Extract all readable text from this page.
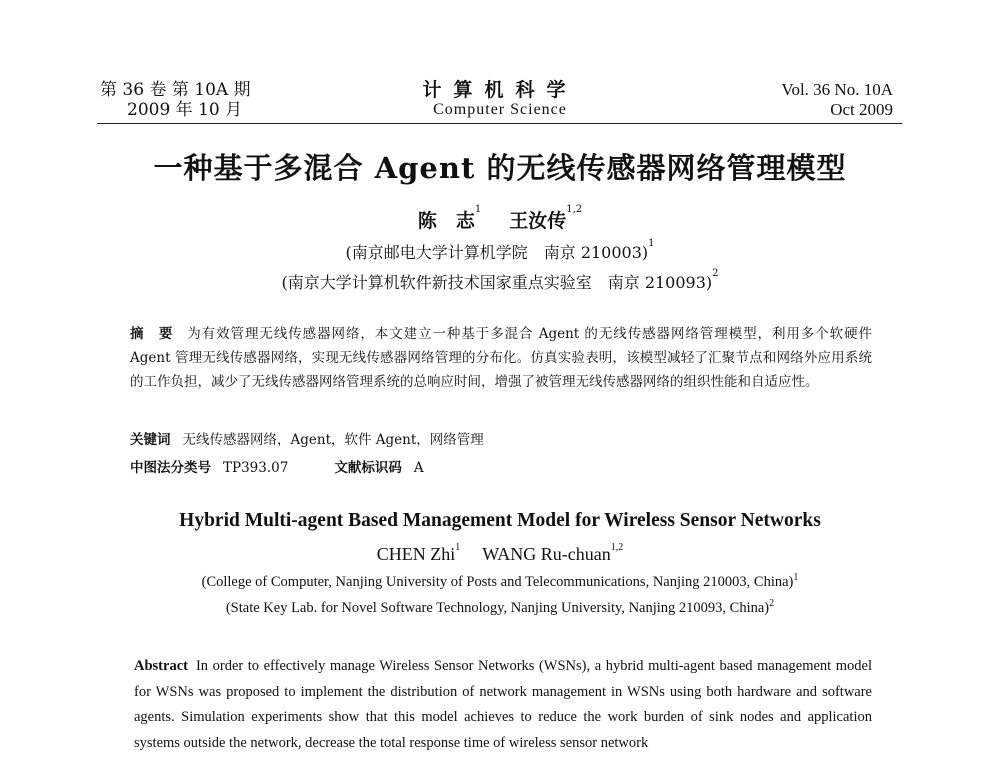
第 36 卷 第 10A 期
2009 年 10 月
计算机科学
Computer Science
Vol. 36 No. 10A
Oct 2009
一种基于多混合 Agent 的无线传感器网络管理模型
陈　志$^1$王汝传$^{1,2}$
(南京邮电大学计算机学院　南京 210003)$^1$
(南京大学计算机软件新技术国家重点实验室　南京 210093)$^2$
摘　要 为有效管理无线传感器网络，本文建立一种基于多混合 Agent 的无线传感器网络管理模型，利用多个软硬件 Agent 管理无线传感器网络，实现无线传感器网络管理的分布化。仿真实验表明，该模型减轻了汇聚节点和网络外应用系统的工作负担，减少了无线传感器网络管理系统的总响应时间，增强了被管理无线传感器网络的组织性能和自适应性。
关键词 无线传感器网络，Agent，软件 Agent，网络管理
中图法分类号 TP393.07	文献标识码 A
Hybrid Multi-agent Based Management Model for Wireless Sensor Networks
CHEN Zhi$^1$ WANG Ru-chuan$^{1,2}$
(College of Computer, Nanjing University of Posts and Telecommunications, Nanjing 210003, China)$^1$
(State Key Lab. for Novel Software Technology, Nanjing University, Nanjing 210093, China)$^2$
Abstract In order to effectively manage Wireless Sensor Networks (WSNs), a hybrid multi-agent based management model for WSNs was proposed to implement the distribution of network management in WSNs using both hardware and software agents. Simulation experiments show that this model achieves to reduce the work burden of sink nodes and application systems outside the network, decrease the total response time of wireless sensor network
